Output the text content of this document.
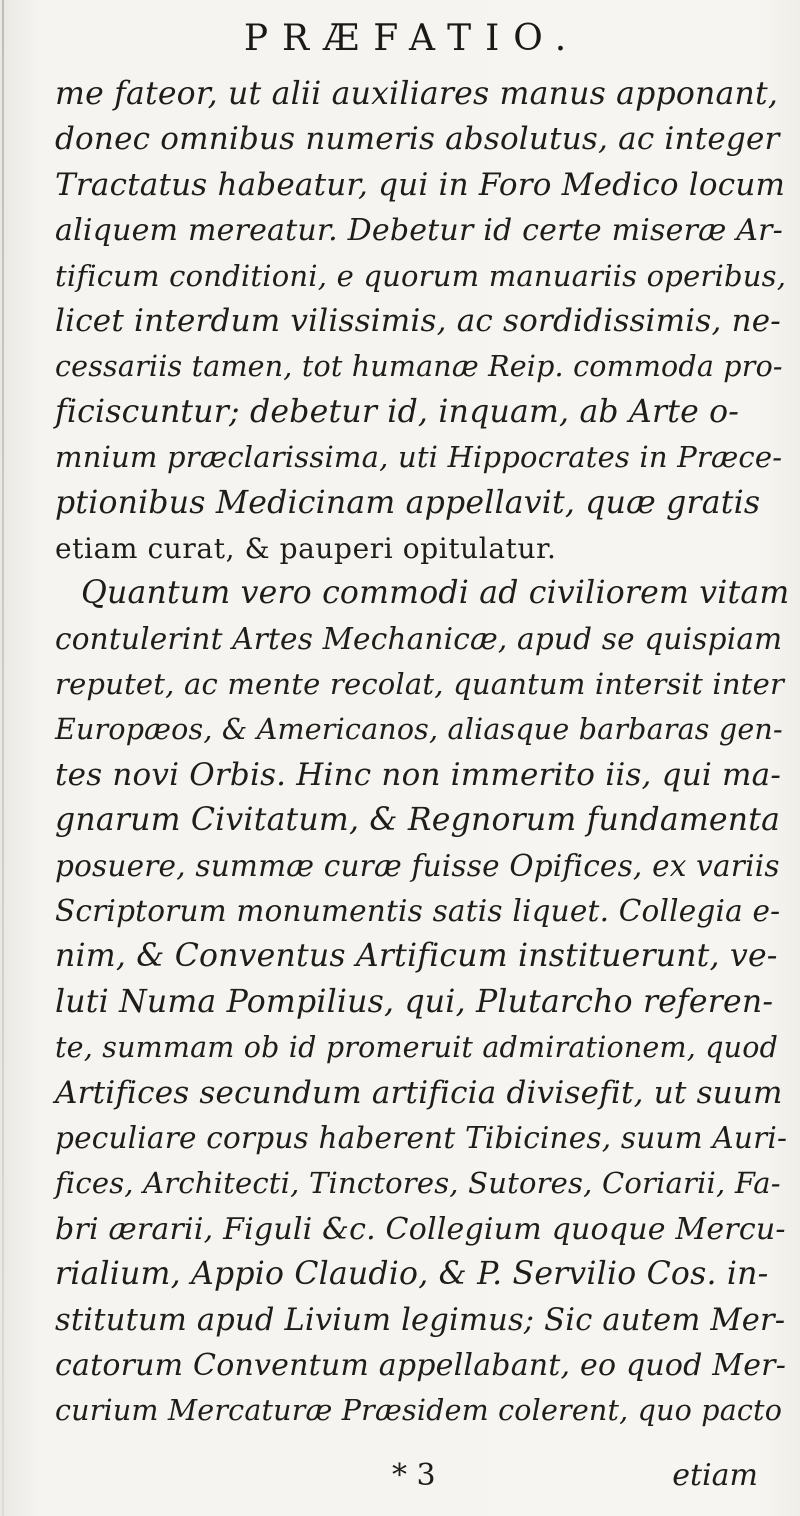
PRÆFATIO.
me fateor, ut alii auxiliares manus apponant,
donec omnibus numeris absolutus, ac integer
Tractatus habeatur, qui in Foro Medico locum
aliquem mereatur. Debetur id certe miseræ Ar-
tificum conditioni, e quorum manuariis operibus,
licet interdum vilissimis, ac sordidissimis, ne-
cessariis tamen, tot humanæ Reip. commoda pro-
ficiscuntur; debetur id, inquam, ab Arte o-
mnium præclarissima, uti Hippocrates in Præce-
ptionibus Medicinam appellavit, quæ gratis
etiam curat, & pauperi opitulatur.
Quantum vero commodi ad civiliorem vitam
contulerint Artes Mechanicæ, apud se quispiam
reputet, ac mente recolat, quantum intersit inter
Europæos, & Americanos, aliasque barbaras gen-
tes novi Orbis. Hinc non immerito iis, qui ma-
gnarum Civitatum, & Regnorum fundamenta
posuere, summæ curæ fuisse Opifices, ex variis
Scriptorum monumentis satis liquet. Collegia e-
nim, & Conventus Artificum instituerunt, ve-
luti Numa Pompilius, qui, Plutarcho referen-
te, summam ob id promeruit admirationem, quod
Artifices secundum artificia divisefit, ut suum
peculiare corpus haberent Tibicines, suum Auri-
fices, Architecti, Tinctores, Sutores, Coriarii, Fa-
bri ærarii, Figuli &c. Collegium quoque Mercu-
rialium, Appio Claudio, & P. Servilio Cos. in-
stitutum apud Livium legimus; Sic autem Mer-
catorum Conventum appellabant, eo quod Mer-
curium Mercaturæ Præsidem colerent, quo pacto
* 3	etiam
